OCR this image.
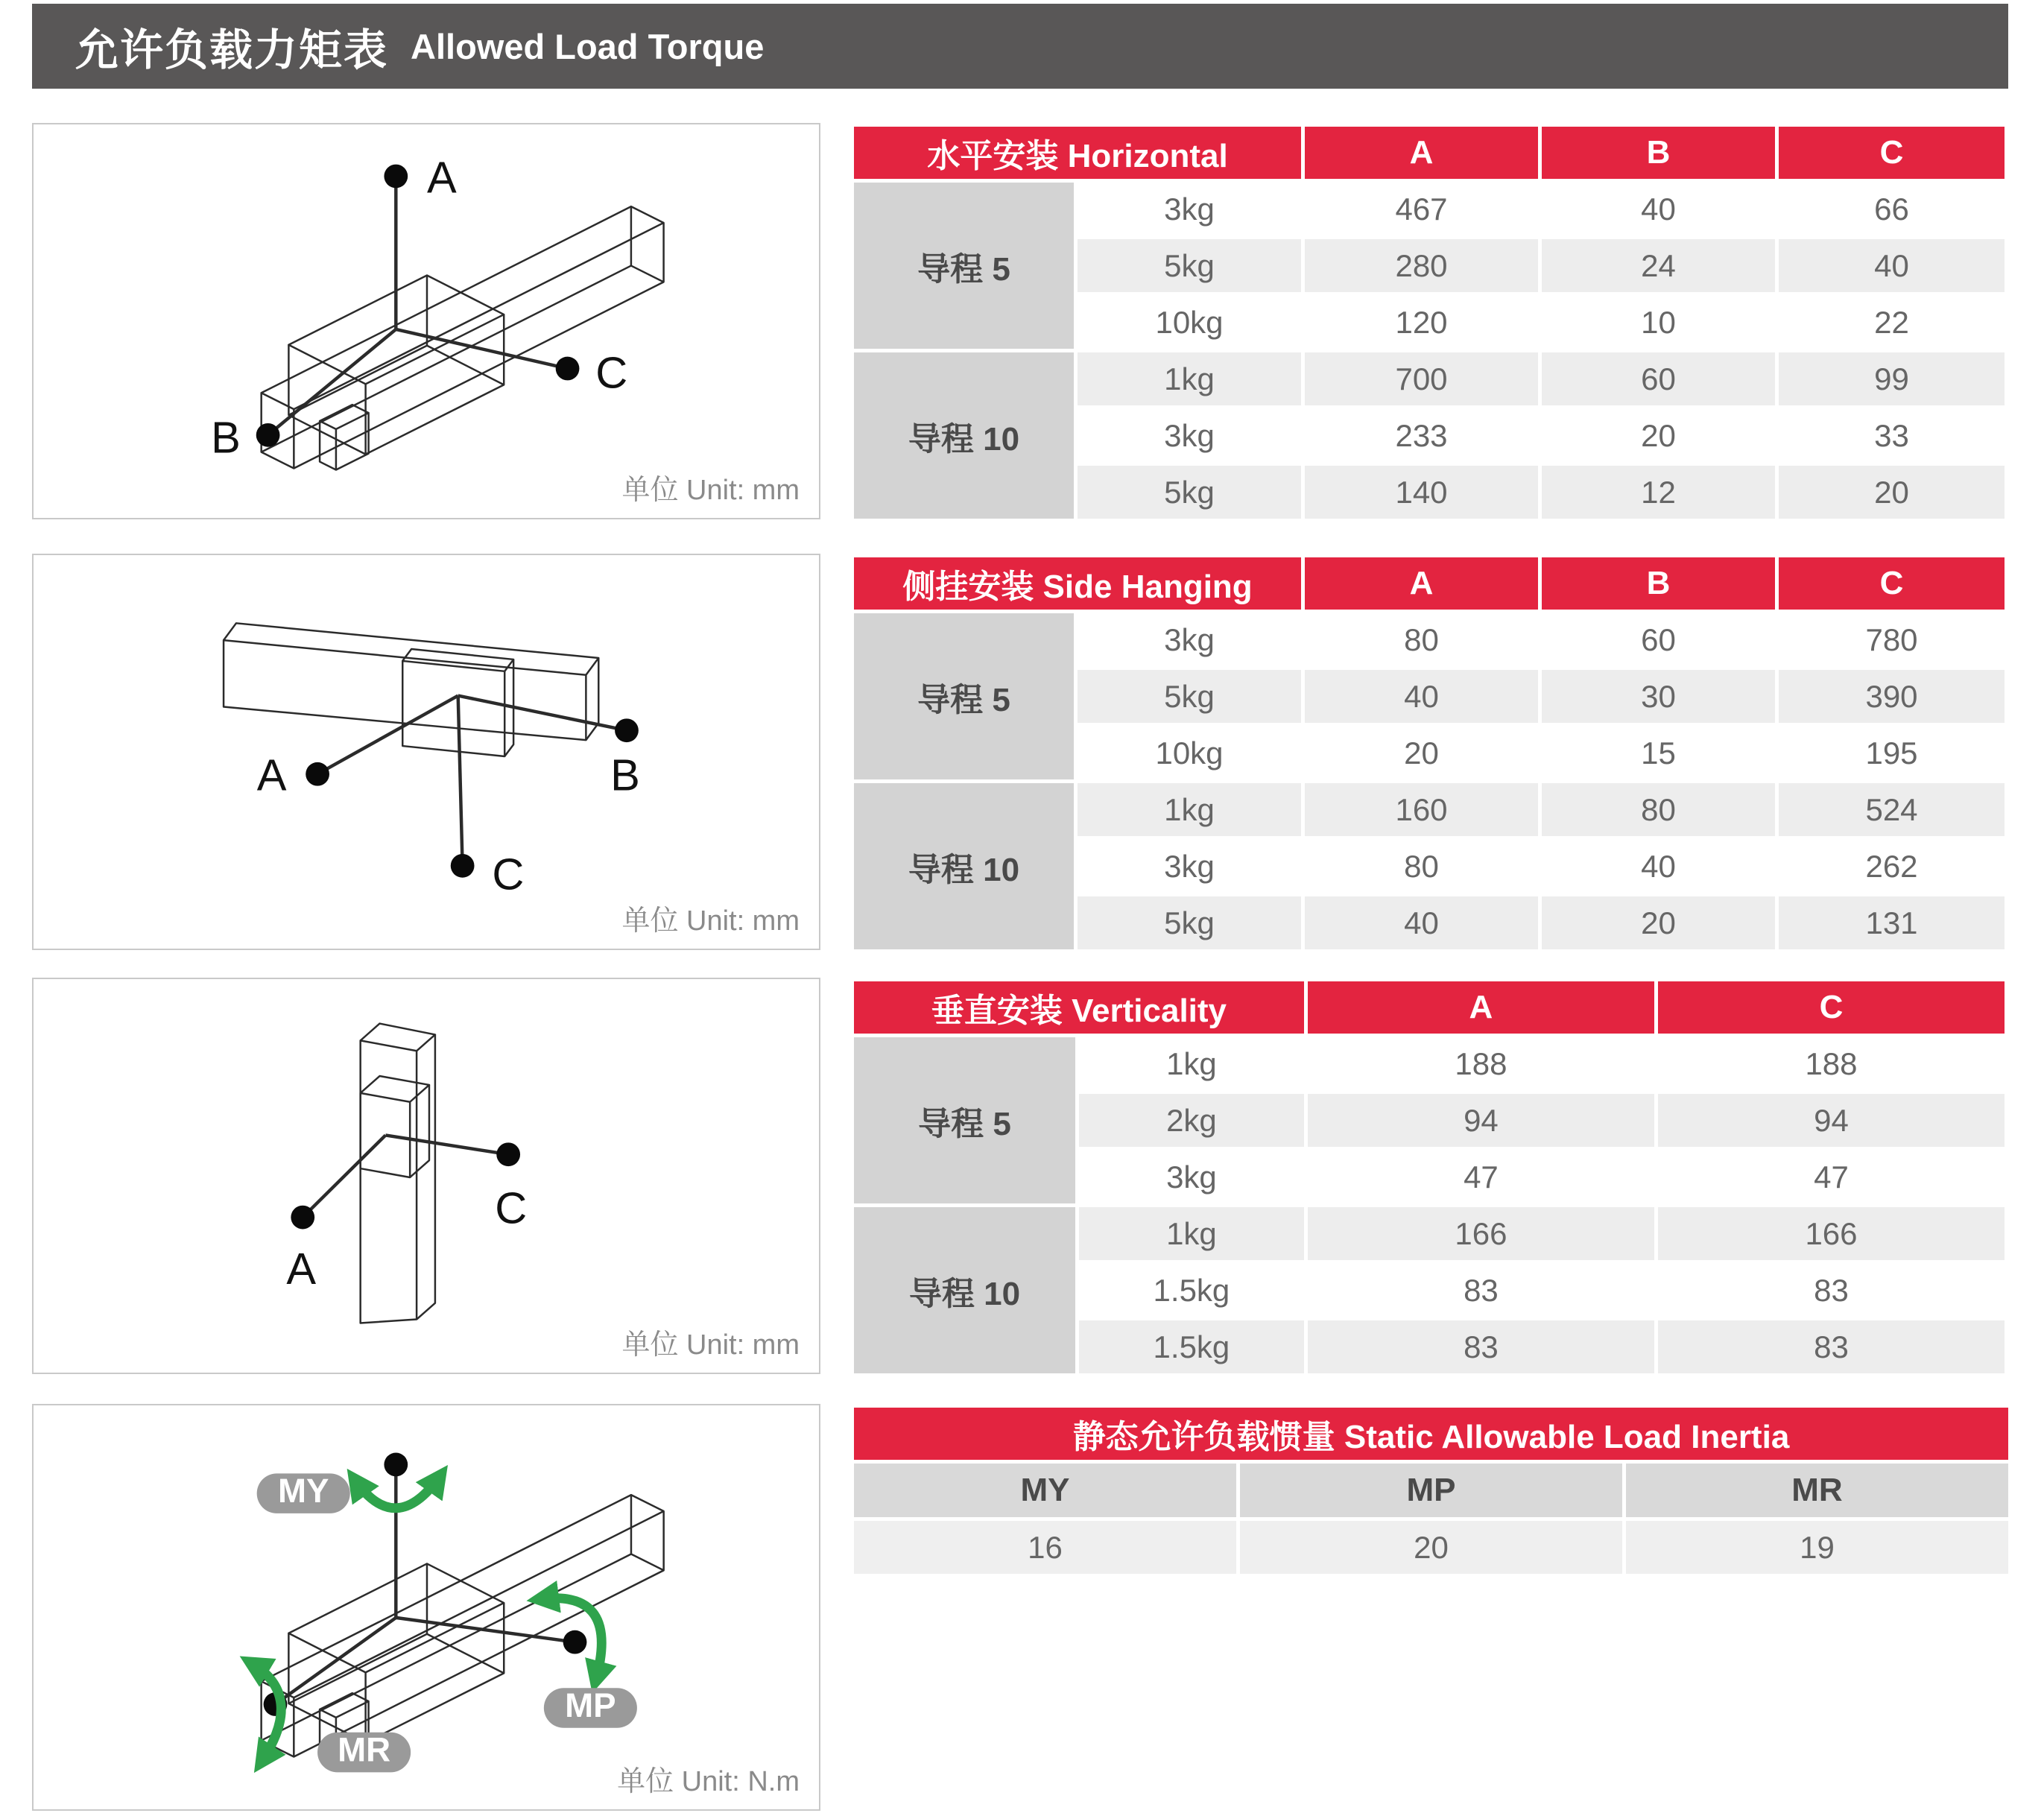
允许负载力矩表 Allowed Load Torque
A
B
C
单位 Unit: mm
水平安装 Horizontal		A	B	C
导程 5	3kg	467	40	66
	5kg	280	24	40
	10kg	120	10	22
导程 10	1kg	700	60	99
	3kg	233	20	33
	5kg	140	12	20
A	B
C
单位 Unit: mm
侧挂安装 Side Hanging		A	B	C
导程 5	3kg	80	60	780
	5kg	40	30	390
	10kg	20	15	195
导程 10	1kg	160	80	524
	3kg	80	40	262
	5kg	40	20	131
A
C
单位 Unit: mm
垂直安装 Verticality		A	C
导程 5	1kg	188	188
	2kg	94	94
	3kg	47	47
导程 10	1kg	166	166
	1.5kg	83	83
	1.5kg	83	83
MY
MP
MR
单位 Unit: N.m
静态允许负载惯量 Static Allowable Load Inertia		
MY	MP	MR
16	20	19
